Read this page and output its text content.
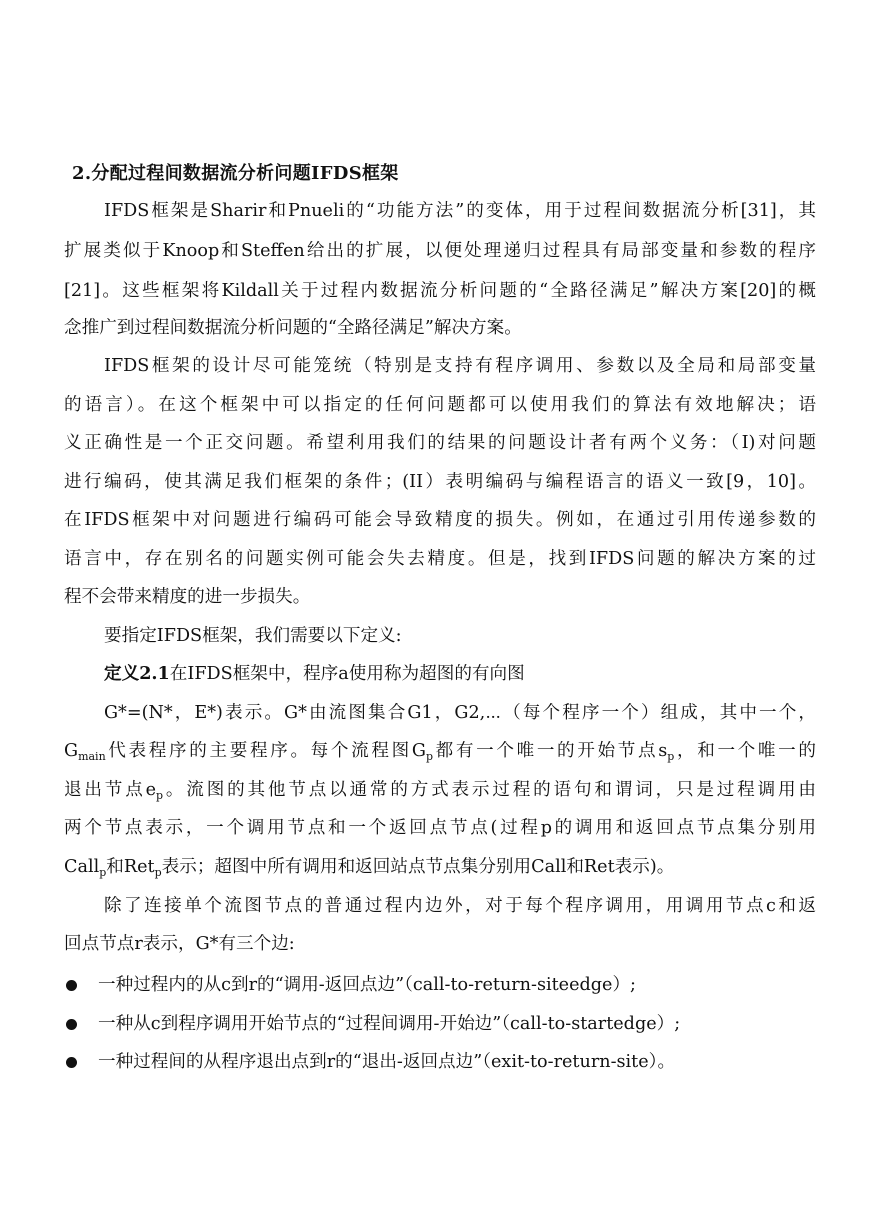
2.分配过程间数据流分析问题IFDS框架
IFDS框架是Sharir和Pnueli的“功能方法”的变体，用于过程间数据流分析[31]，其
扩展类似于Knoop和Steffen给出的扩展，以便处理递归过程具有局部变量和参数的程序
[21]。这些框架将Kildall关于过程内数据流分析问题的“全路径满足”解决方案[20]的概
念推广到过程间数据流分析问题的“全路径满足”解决方案。
IFDS框架的设计尽可能笼统（特别是支持有程序调用、参数以及全局和局部变量
的语言）。在这个框架中可以指定的任何问题都可以使用我们的算法有效地解决；语
义正确性是一个正交问题。希望利用我们的结果的问题设计者有两个义务：（I)对问题
进行编码，使其满足我们框架的条件；(II）表明编码与编程语言的语义一致[9，10]。
在IFDS框架中对问题进行编码可能会导致精度的损失。例如，在通过引用传递参数的
语言中，存在别名的问题实例可能会失去精度。但是，找到IFDS问题的解决方案的过
程不会带来精度的进一步损失。
要指定IFDS框架，我们需要以下定义:
定义2.1在IFDS框架中，程序a使用称为超图的有向图
G*=(N*，E*)表示。G*由流图集合G1，G2,⋯（每个程序一个）组成，其中一个，
$G_{main}$代表程序的主要程序。每个流程图$G_p$都有一个唯一的开始节点$s_p$，和一个唯一的
退出节点$e_p$。流图的其他节点以通常的方式表示过程的语句和谓词，只是过程调用由
两个节点表示，一个调用节点和一个返回点节点(过程p的调用和返回点节点集分别用
Call$_p$和Ret$_p$表示；超图中所有调用和返回站点节点集分别用Call和Ret表示)。
除了连接单个流图节点的普通过程内边外，对于每个程序调用，用调用节点c和返
回点节点r表示，G*有三个边:
一种过程内的从c到r的“调用-返回点边”（call-to-return-siteedge）;
一种从c到程序调用开始节点的“过程间调用-开始边”（call-to-startedge）;
一种过程间的从程序退出点到r的“退出-返回点边”（exit-to-return-site）。
